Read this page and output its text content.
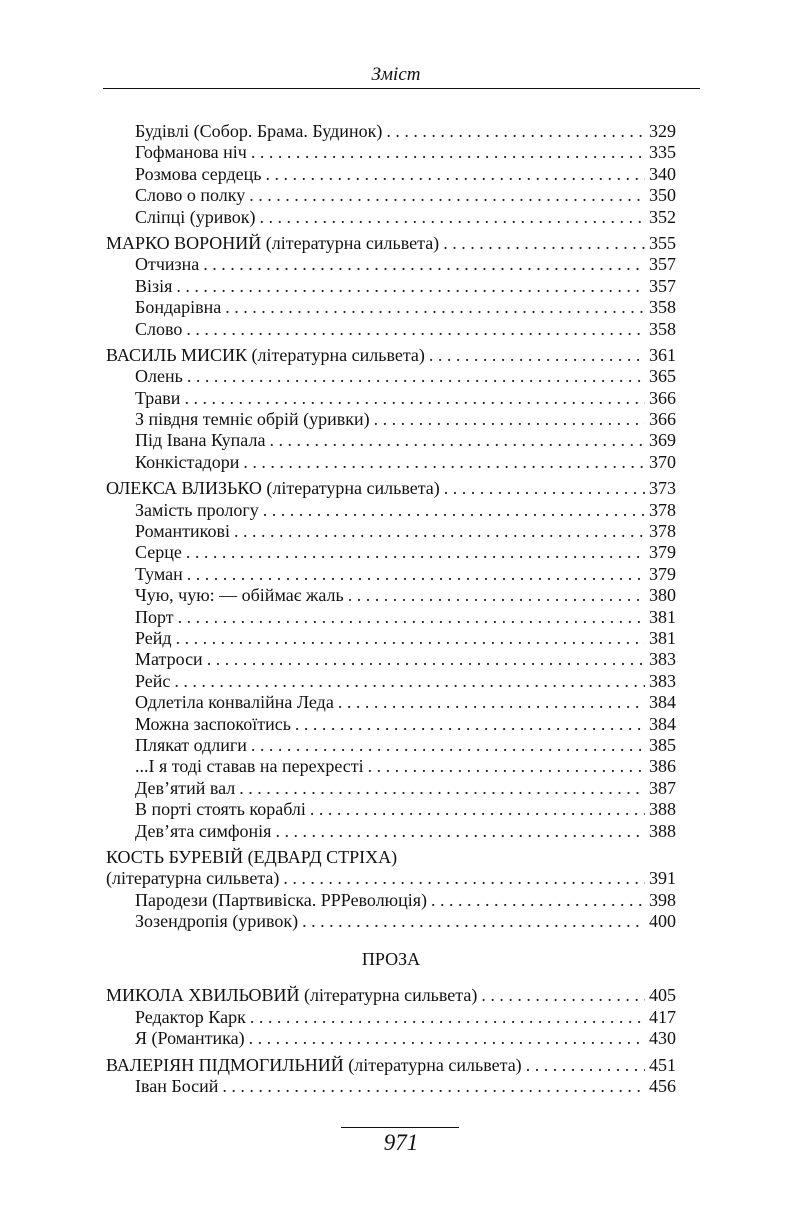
Зміст
Будівлі (Собор. Брама. Будинок) . . .	329
Гофманова ніч . . .	335
Розмова сердець . . .	340
Слово о полку . . .	350
Сліпці (уривок) . . .	352
МАРКО ВОРОНИЙ (літературна сильвета) . . .	355
Отчизна . . .	357
Візія . . .	357
Бондарівна . . .	358
Слово . . .	358
ВАСИЛЬ МИСИК (літературна сильвета) . . .	361
Олень . . .	365
Трави . . .	366
З півдня темніє обрій (уривки) . . .	366
Під Івана Купала . . .	369
Конкістадори . . .	370
ОЛЕКСА ВЛИЗЬКО (літературна сильвета) . . .	373
Замість прологу . . .	378
Романтикові . . .	378
Серце . . .	379
Туман . . .	379
Чую, чую: — обіймає жаль . . .	380
Порт . . .	381
Рейд . . .	381
Матроси . . .	383
Рейс . . .	383
Одлетіла конвалійна Леда . . .	384
Можна заспокоїтись . . .	384
Плякат одлиги . . .	385
...І я тоді ставав на перехресті . . .	386
Дев’ятий вал . . .	387
В порті стоять кораблі . . .	388
Дев’ята симфонія . . .	388
КОСТЬ БУРЕВІЙ (ЕДВАРД СТРІХА)
(літературна сильвета) . . .	391
Пародези (Партвивіска. РРРеволюція) . . .	398
Зозендропія (уривок) . . .	400
ПРОЗА
МИКОЛА ХВИЛЬОВИЙ (літературна сильвета) . . .	405
Редактор Карк . . .	417
Я (Романтика) . . .	430
ВАЛЕРІЯН ПІДМОГИЛЬНИЙ (літературна сильвета) . . .	451
Іван Босий . . .	456
971
